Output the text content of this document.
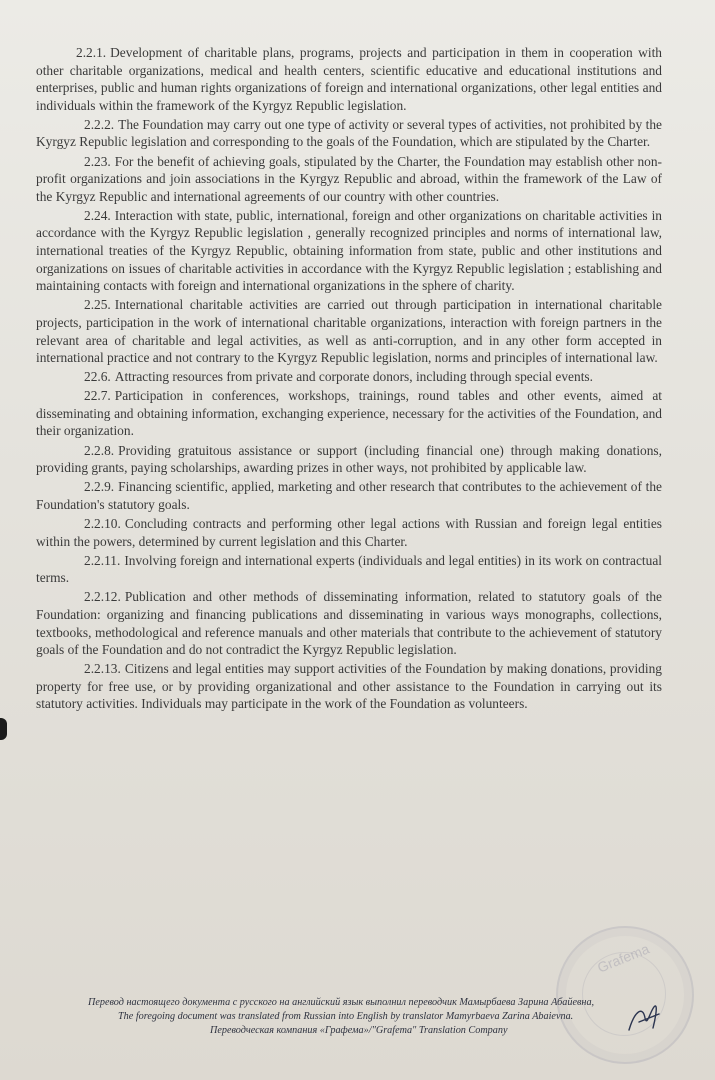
2.2.1. Development of charitable plans, programs, projects and participation in them in cooperation with other charitable organizations, medical and health centers, scientific educative and educational institutions and enterprises, public and human rights organizations of foreign and international organizations, other legal entities and individuals within the framework of the Kyrgyz Republic legislation.

2.2.2. The Foundation may carry out one type of activity or several types of activities, not prohibited by the Kyrgyz Republic legislation and corresponding to the goals of the Foundation, which are stipulated by the Charter.

2.23. For the benefit of achieving goals, stipulated by the Charter, the Foundation may establish other non-profit organizations and join associations in the Kyrgyz Republic and abroad, within the framework of the Law of the Kyrgyz Republic and international agreements of our country with other countries.

2.24. Interaction with state, public, international, foreign and other organizations on charitable activities in accordance with the Kyrgyz Republic legislation , generally recognized principles and norms of international law, international treaties of the Kyrgyz Republic, obtaining information from state, public and other institutions and organizations on issues of charitable activities in accordance with the Kyrgyz Republic legislation ; establishing and maintaining contacts with foreign and international organizations in the sphere of charity.

2.25. International charitable activities are carried out through participation in international charitable projects, participation in the work of international charitable organizations, interaction with foreign partners in the relevant area of charitable and legal activities, as well as anti-corruption, and in any other form accepted in international practice and not contrary to the Kyrgyz Republic legislation, norms and principles of international law.

22.6. Attracting resources from private and corporate donors, including through special events.

22.7. Participation in conferences, workshops, trainings, round tables and other events, aimed at disseminating and obtaining information, exchanging experience, necessary for the activities of the Foundation, and their organization.

2.2.8. Providing gratuitous assistance or support (including financial one) through making donations, providing grants, paying scholarships, awarding prizes in other ways, not prohibited by applicable law.

2.2.9. Financing scientific, applied, marketing and other research that contributes to the achievement of the Foundation's statutory goals.

2.2.10. Concluding contracts and performing other legal actions with Russian and foreign legal entities within the powers, determined by current legislation and this Charter.

2.2.11. Involving foreign and international experts (individuals and legal entities) in its work on contractual terms.

2.2.12. Publication and other methods of disseminating information, related to statutory goals of the Foundation: organizing and financing publications and disseminating in various ways monographs, collections, textbooks, methodological and reference manuals and other materials that contribute to the achievement of statutory goals of the Foundation and do not contradict the Kyrgyz Republic legislation.

2.2.13. Citizens and legal entities may support activities of the Foundation by making donations, providing property for free use, or by providing organizational and other assistance to the Foundation in carrying out its statutory activities. Individuals may participate in the work of the Foundation as volunteers.

Grafema
Перевод настоящего документа с русского на английский язык выполнил переводчик Мамырбаева Зарина Абайевна,
The foregoing document was translated from Russian into English by translator Mamyrbaeva Zarina Abaievna.
Переводческая компания «Графема»/"Grafema" Translation Company
